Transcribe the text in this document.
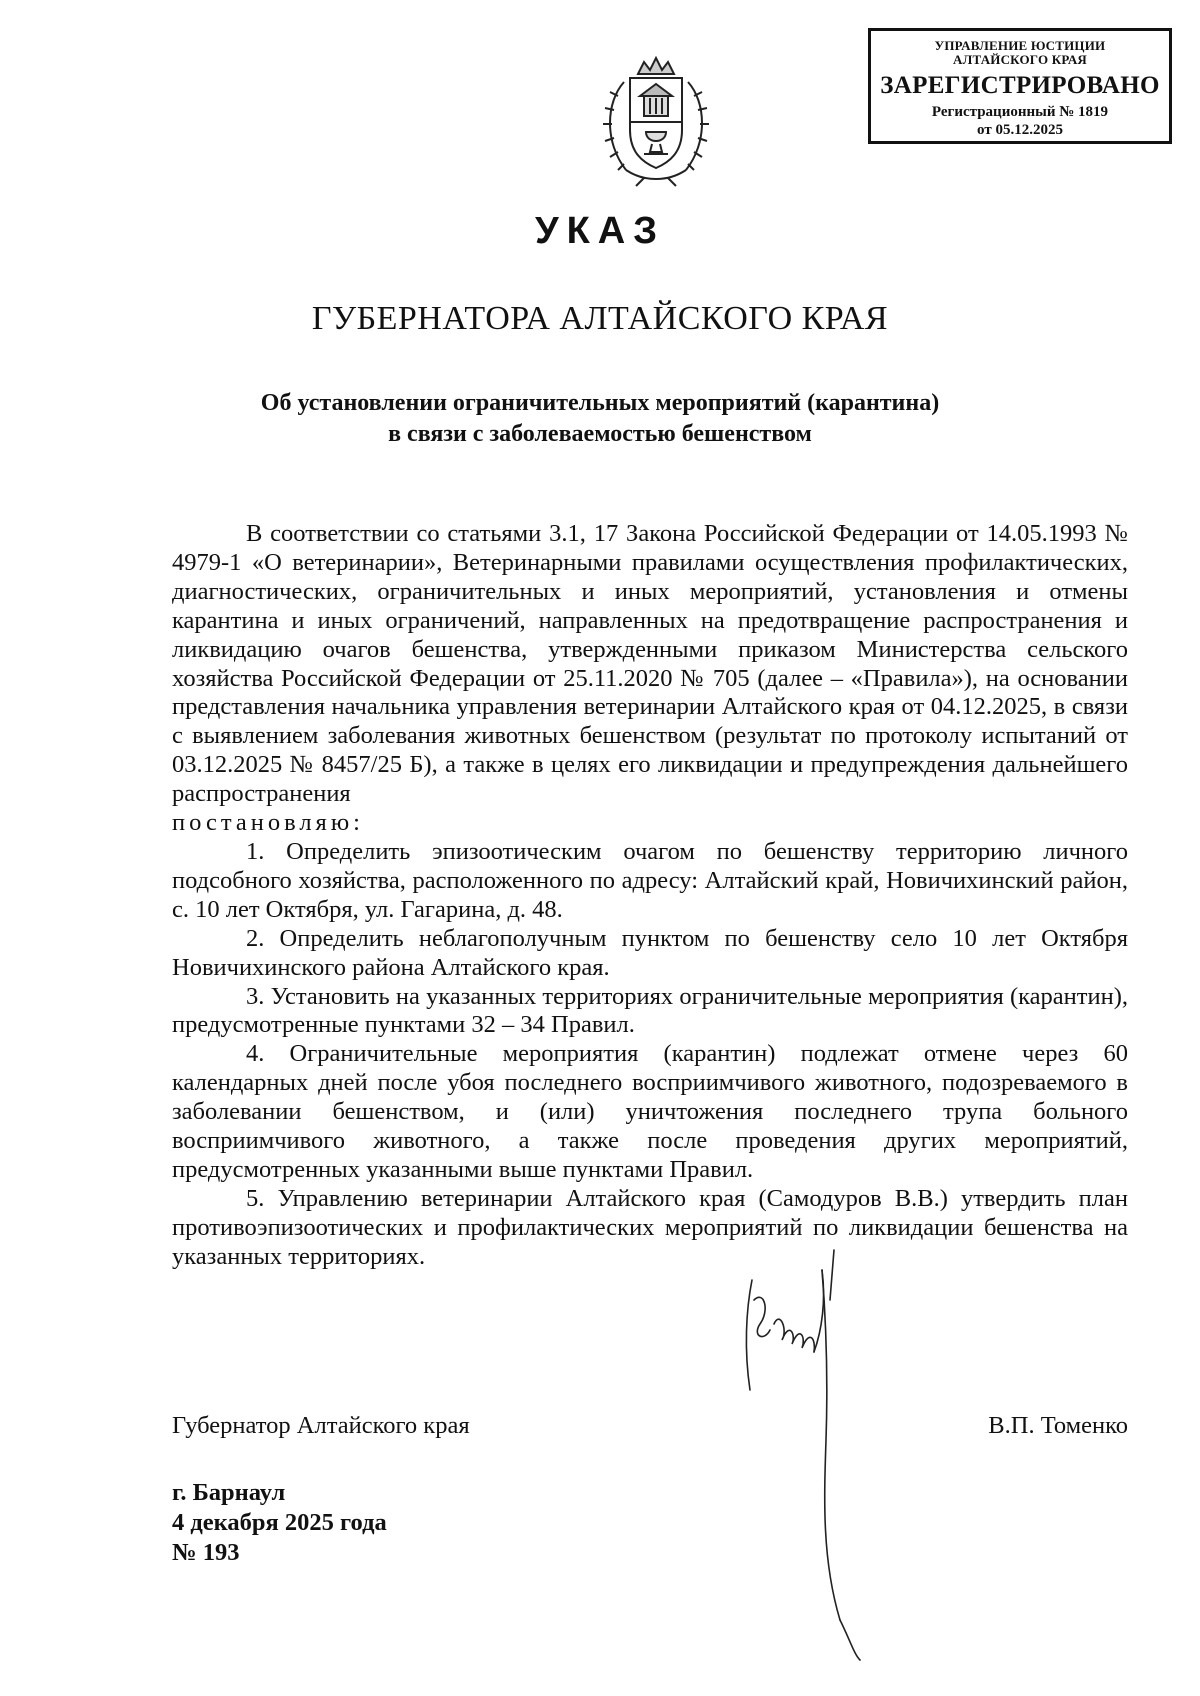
УПРАВЛЕНИЕ ЮСТИЦИИ
АЛТАЙСКОГО КРАЯ
ЗАРЕГИСТРИРОВАНО
Регистрационный № 1819
от 05.12.2025
УКАЗ
ГУБЕРНАТОРА АЛТАЙСКОГО КРАЯ
Об установлении ограничительных мероприятий (карантина)
в связи с заболеваемостью бешенством

В соответствии со статьями 3.1, 17 Закона Российской Федерации от 14.05.1993 № 4979-1 «О ветеринарии», Ветеринарными правилами осуществления профилактических, диагностических, ограничительных и иных мероприятий, установления и отмены карантина и иных ограничений, направленных на предотвращение распространения и ликвидацию очагов бешенства, утвержденными приказом Министерства сельского хозяйства Российской Федерации от 25.11.2020 № 705 (далее – «Правила»), на основании представления начальника управления ветеринарии Алтайского края от 04.12.2025, в связи с выявлением заболевания животных бешенством (результат по протоколу испытаний от 03.12.2025 № 8457/25 Б), а также в целях его ликвидации и предупреждения дальнейшего распространения

постановляю:

1. Определить эпизоотическим очагом по бешенству территорию личного подсобного хозяйства, расположенного по адресу: Алтайский край, Новичихинский район, с. 10 лет Октября, ул. Гагарина, д. 48.

2. Определить неблагополучным пунктом по бешенству село 10 лет Октября Новичихинского района Алтайского края.

3. Установить на указанных территориях ограничительные мероприятия (карантин), предусмотренные пунктами 32 – 34 Правил.

4. Ограничительные мероприятия (карантин) подлежат отмене через 60 календарных дней после убоя последнего восприимчивого животного, подозреваемого в заболевании бешенством, и (или) уничтожения последнего трупа больного восприимчивого животного, а также после проведения других мероприятий, предусмотренных указанными выше пунктами Правил.

5. Управлению ветеринарии Алтайского края (Самодуров В.В.) утвердить план противоэпизоотических и профилактических мероприятий по ликвидации бешенства на указанных территориях.

Губернатор Алтайского края	В.П. Томенко
г. Барнаул
4 декабря 2025 года
№ 193
